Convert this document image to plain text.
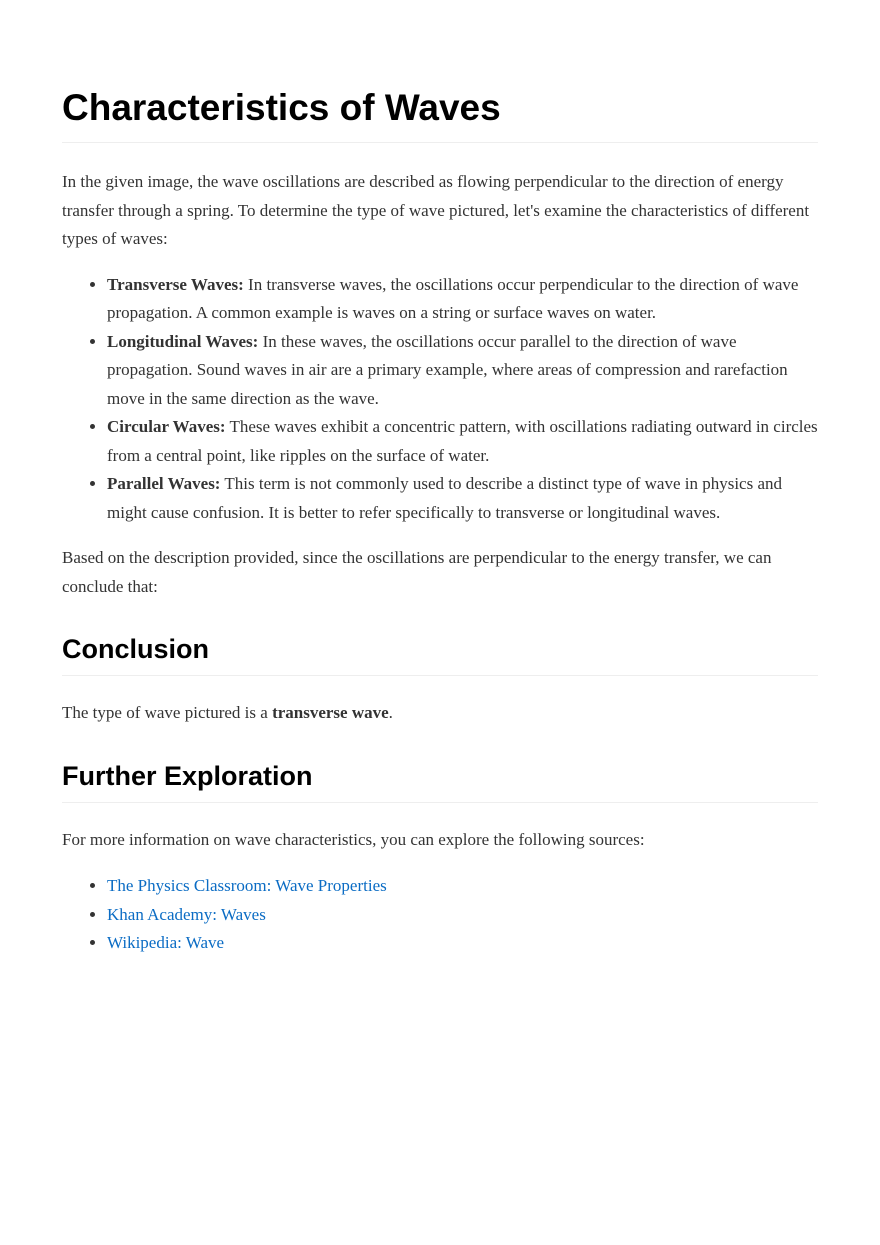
Characteristics of Waves

In the given image, the wave oscillations are described as flowing perpendicular to the direction of energy transfer through a spring. To determine the type of wave pictured, let's examine the characteristics of different types of waves:

• Transverse Waves: In transverse waves, the oscillations occur perpendicular to the direction of wave propagation. A common example is waves on a string or surface waves on water.
• Longitudinal Waves: In these waves, the oscillations occur parallel to the direction of wave propagation. Sound waves in air are a primary example, where areas of compression and rarefaction move in the same direction as the wave.
• Circular Waves: These waves exhibit a concentric pattern, with oscillations radiating outward in circles from a central point, like ripples on the surface of water.
• Parallel Waves: This term is not commonly used to describe a distinct type of wave in physics and might cause confusion. It is better to refer specifically to transverse or longitudinal waves.

Based on the description provided, since the oscillations are perpendicular to the energy transfer, we can conclude that:

Conclusion

The type of wave pictured is a transverse wave.

Further Exploration

For more information on wave characteristics, you can explore the following sources:

• The Physics Classroom: Wave Properties
• Khan Academy: Waves
• Wikipedia: Wave
